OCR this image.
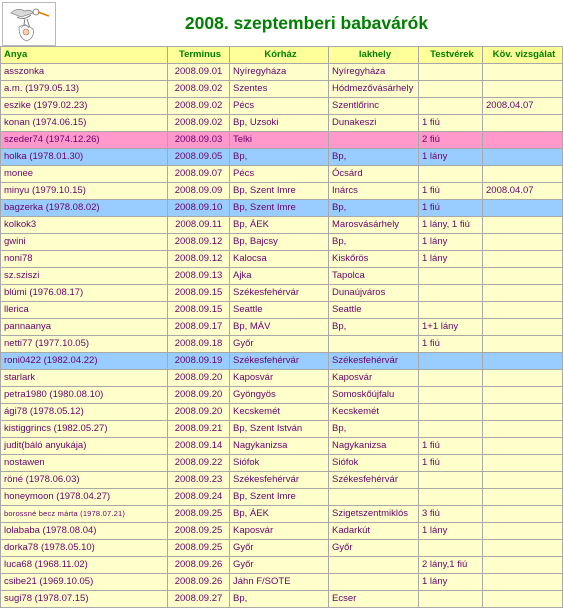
2008. szeptemberi babavárók
Anya	Terminus	Kórház	lakhely	Testvérek	Köv. vizsgálat
asszonka	2008.09.01	Nyíregyháza	Nyíregyháza		
a.m. (1979.05.13)	2008.09.02	Szentes	Hódmezővásárhely		
eszike (1979.02.23)	2008.09.02	Pécs	Szentlőrinc		2008.04.07
konan (1974.06.15)	2008.09.02	Bp, Uzsoki	Dunakeszi	1 fiú	
szeder74 (1974.12.26)	2008.09.03	Telki		2 fiú	
holka (1978.01.30)	2008.09.05	Bp,	Bp,	1 lány	
monee	2008.09.07	Pécs	Ócsárd		
minyu (1979.10.15)	2008.09.09	Bp, Szent Imre	Inárcs	1 fiú	2008.04.07
bagzerka (1978.08.02)	2008.09.10	Bp, Szent Imre	Bp,	1 fiú	
kolkok3	2008.09.11	Bp, ÁEK	Marosvásárhely	1 lány, 1 fiú	
gwini	2008.09.12	Bp, Bajcsy	Bp,	1 lány	
noni78	2008.09.12	Kalocsa	Kiskőrös	1 lány	
sz.sziszi	2008.09.13	Ajka	Tapolca		
blúmi (1976.08.17)	2008.09.15	Székesfehérvár	Dunaújváros		
llerica	2008.09.15	Seattle	Seattle		
pannaanya	2008.09.17	Bp, MÁV	Bp,	1+1 lány	
netti77 (1977.10.05)	2008.09.18	Győr		1 fiú	
roni0422 (1982.04.22)	2008.09.19	Székesfehérvár	Székesfehérvár		
starlark	2008.09.20	Kaposvár	Kaposvár		
petra1980 (1980.08.10)	2008.09.20	Gyöngyös	Somoskőújfalu		
ági78 (1978.05.12)	2008.09.20	Kecskemét	Kecskemét		
kistiggrincs (1982.05.27)	2008.09.21	Bp, Szent István	Bp,		
judit(báló anyukája)	2008.09.14	Nagykanizsa	Nagykanizsa	1 fiú	
nostawen	2008.09.22	Siófok	Siófok	1 fiú	
röné (1978.06.03)	2008.09.23	Székesfehérvár	Székesfehérvár		
honeymoon (1978.04.27)	2008.09.24	Bp, Szent Imre			
borossné becz márta (1978.07.21)	2008.09.25	Bp, ÁEK	Szigetszentmiklós	3 fiú	
lolababa (1978.08.04)	2008.09.25	Kaposvár	Kadarkút	1 lány	
dorka78 (1978.05.10)	2008.09.25	Győr	Győr		
luca68 (1968.11.02)	2008.09.26	Győr		2 lány,1 fiú	
csibe21 (1969.10.05)	2008.09.26	Jáhn F/SOTE		1 lány	
sugi78 (1978.07.15)	2008.09.27	Bp,	Ecser		
